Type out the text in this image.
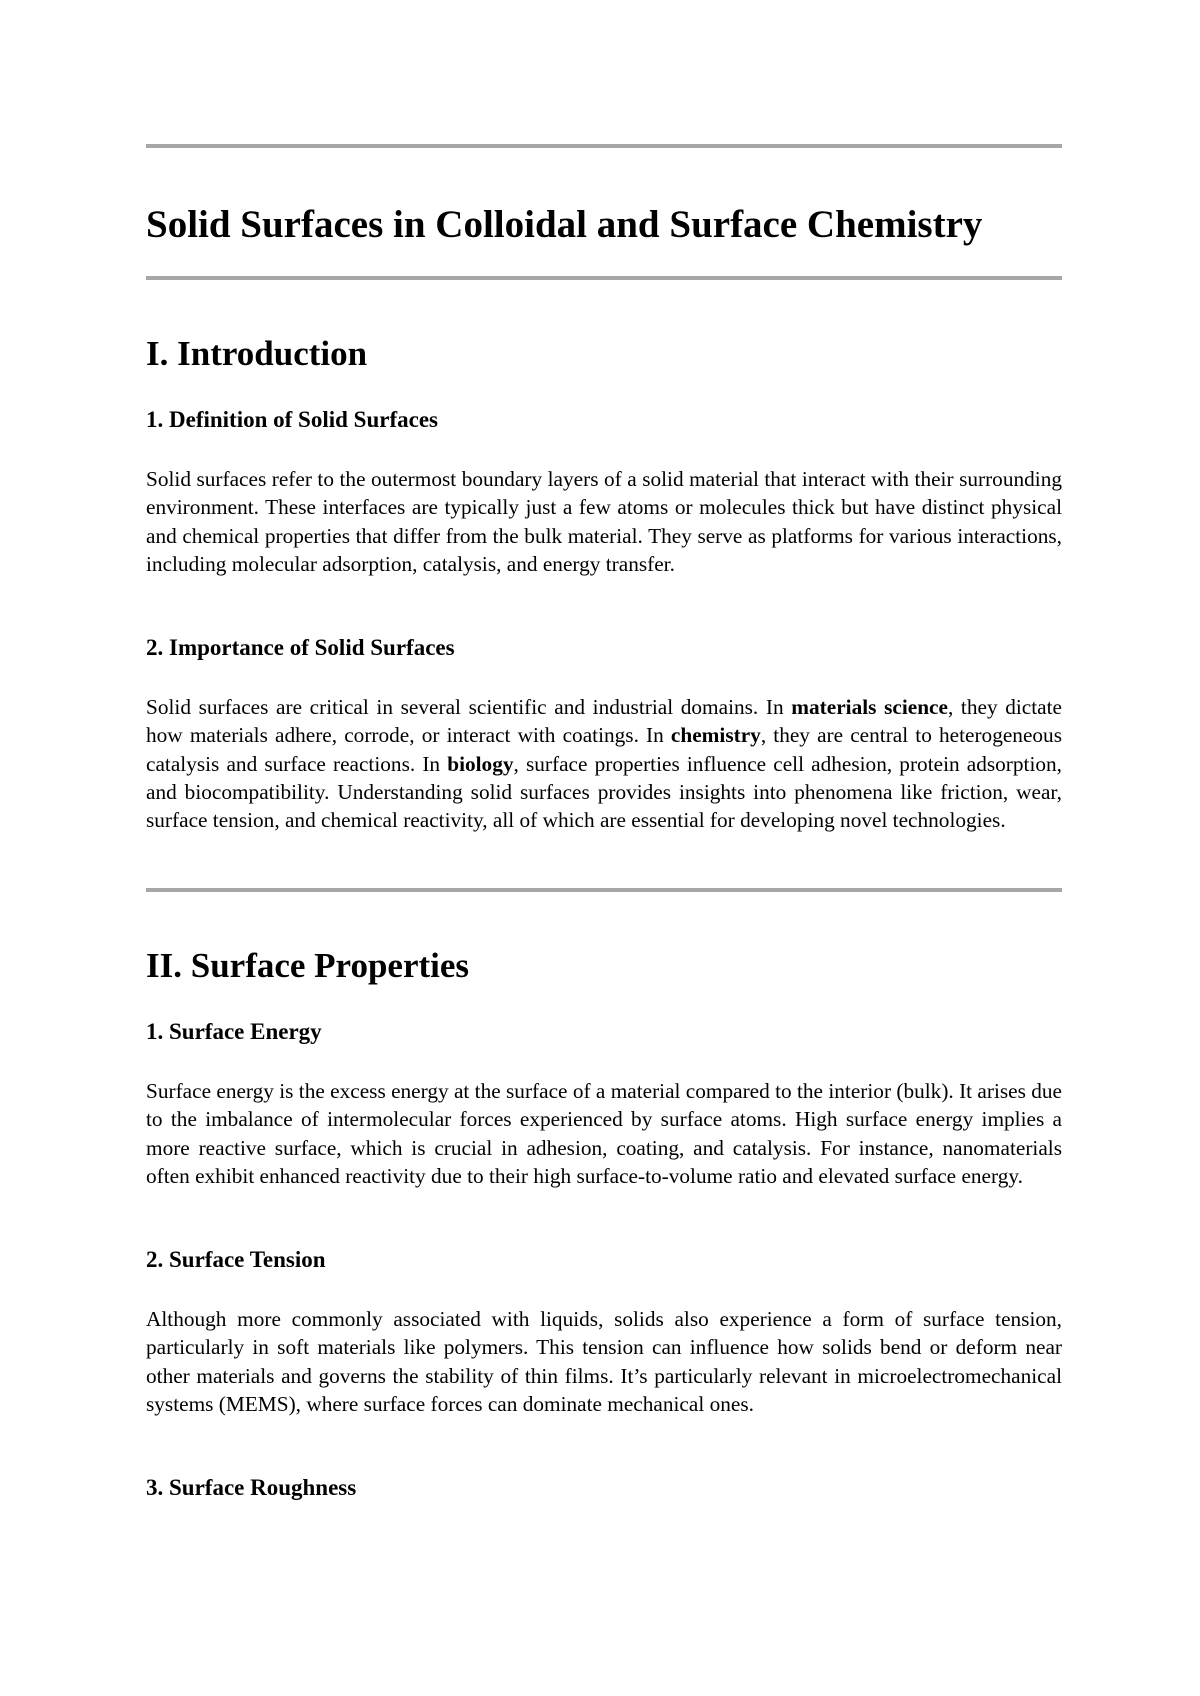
Solid Surfaces in Colloidal and Surface Chemistry
I. Introduction
1. Definition of Solid Surfaces

Solid surfaces refer to the outermost boundary layers of a solid material that interact with their surrounding environment. These interfaces are typically just a few atoms or molecules thick but have distinct physical and chemical properties that differ from the bulk material. They serve as platforms for various interactions, including molecular adsorption, catalysis, and energy transfer.

2. Importance of Solid Surfaces

Solid surfaces are critical in several scientific and industrial domains. In materials science, they dictate how materials adhere, corrode, or interact with coatings. In chemistry, they are central to heterogeneous catalysis and surface reactions. In biology, surface properties influence cell adhesion, protein adsorption, and biocompatibility. Understanding solid surfaces provides insights into phenomena like friction, wear, surface tension, and chemical reactivity, all of which are essential for developing novel technologies.

II. Surface Properties
1. Surface Energy

Surface energy is the excess energy at the surface of a material compared to the interior (bulk). It arises due to the imbalance of intermolecular forces experienced by surface atoms. High surface energy implies a more reactive surface, which is crucial in adhesion, coating, and catalysis. For instance, nanomaterials often exhibit enhanced reactivity due to their high surface-to-volume ratio and elevated surface energy.

2. Surface Tension

Although more commonly associated with liquids, solids also experience a form of surface tension, particularly in soft materials like polymers. This tension can influence how solids bend or deform near other materials and governs the stability of thin films. It’s particularly relevant in microelectromechanical systems (MEMS), where surface forces can dominate mechanical ones.

3. Surface Roughness
